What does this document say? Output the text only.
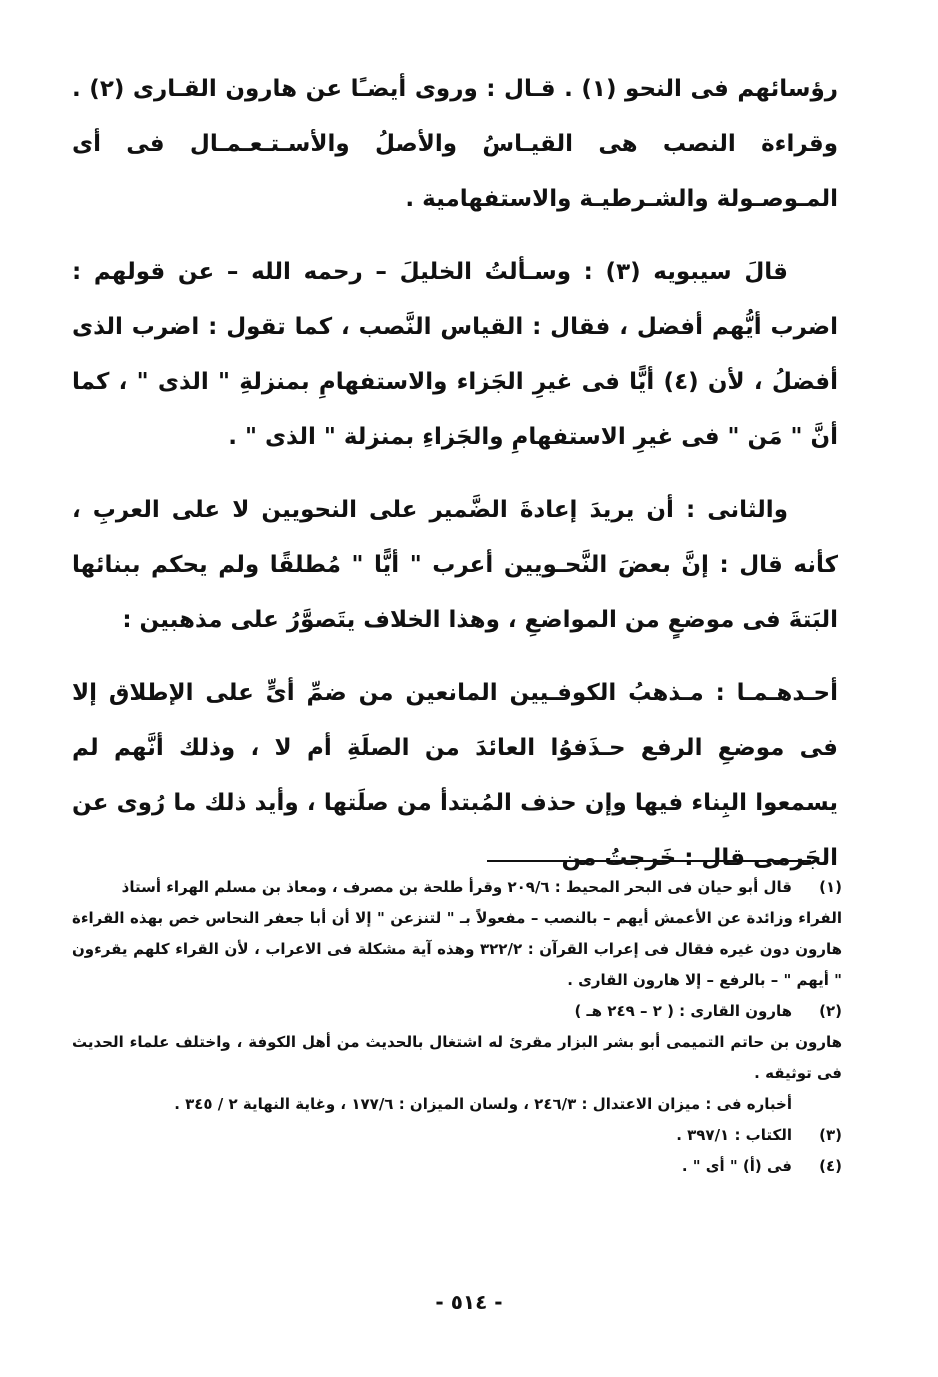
رؤسائهم فى النحو (١) . قـال : وروى أيضـًا عن هارون القـارى (٢) . وقراءة النصب هى القيـاسُ والأصلُ والأسـتـعـمـال فى أى المـوصـولة والشـرطيـة والاستفهامية .

قالَ سيبويه (٣) : وسـألتُ الخليلَ – رحمه الله – عن قولهم : اضرب أيُّهم أفضل ، فقال : القياس النَّصب ، كما تقول : اضرب الذى أفضلُ ، لأن (٤) أيًّا فى غيرِ الجَزاء والاستفهامِ بمنزلةِ " الذى " ، كما أنَّ " مَن " فى غيرِ الاستفهامِ والجَزاءِ بمنزلة " الذى " .

والثانى : أن يريدَ إعادةَ الضَّمير على النحويين لا على العربِ ، كأنه قال : إنَّ بعضَ النَّحـويين أعرب " أيًّا " مُطلقًا ولم يحكم ببنائها البَتةَ فى موضعٍ من المواضعِ ، وهذا الخلاف يتَصوَّرُ على مذهبين :

أحـدهـمـا : مـذهبُ الكوفـيين المانعين من ضمِّ أىٍّ على الإطلاق إلا فى موضعِ الرفع حـذَفوُا العائدَ من الصلَةِ أم لا ، وذلك أنَّهم لم يسمعوا البِناء فيها وإن حذف المُبتدأ من صلَتها ، وأيد ذلك ما رُوى عن الجَرمى قال : خَرجتُ من

(١)
قال أبو حيان فى البحر المحيط : ٢٠٩/٦ وقرأ طلحة بن مصرف ، ومعاذ بن مسلم الهراء أستاذ
الفراء وزائدة عن الأعمش أيهم – بالنصب – مفعولاً بـ " لتنزعن " إلا أن أبا جعفر النحاس خص بهذه القراءة هارون دون غيره فقال فى إعراب القرآن : ٣٢٢/٢ وهذه آية مشكلة فى الاعراب ، لأن القراء كلهم يقرءون " أيهم " – بالرفع – إلا هارون القارى .
(٢)
هارون القارى : ( ٢ – ٢٤٩ هـ )
هارون بن حاتم التميمى أبو بشر البزار مقرئ له اشتغال بالحديث من أهل الكوفة ، واختلف علماء الحديث فى توثيقه .
أخباره فى : ميزان الاعتدال : ٢٤٦/٣ ، ولسان الميزان : ١٧٧/٦ ، وغاية النهاية ٢ / ٣٤٥ .
(٣)
الكتاب : ٣٩٧/١ .
(٤)
فى (أ) " أى " .
- ٥١٤ -
